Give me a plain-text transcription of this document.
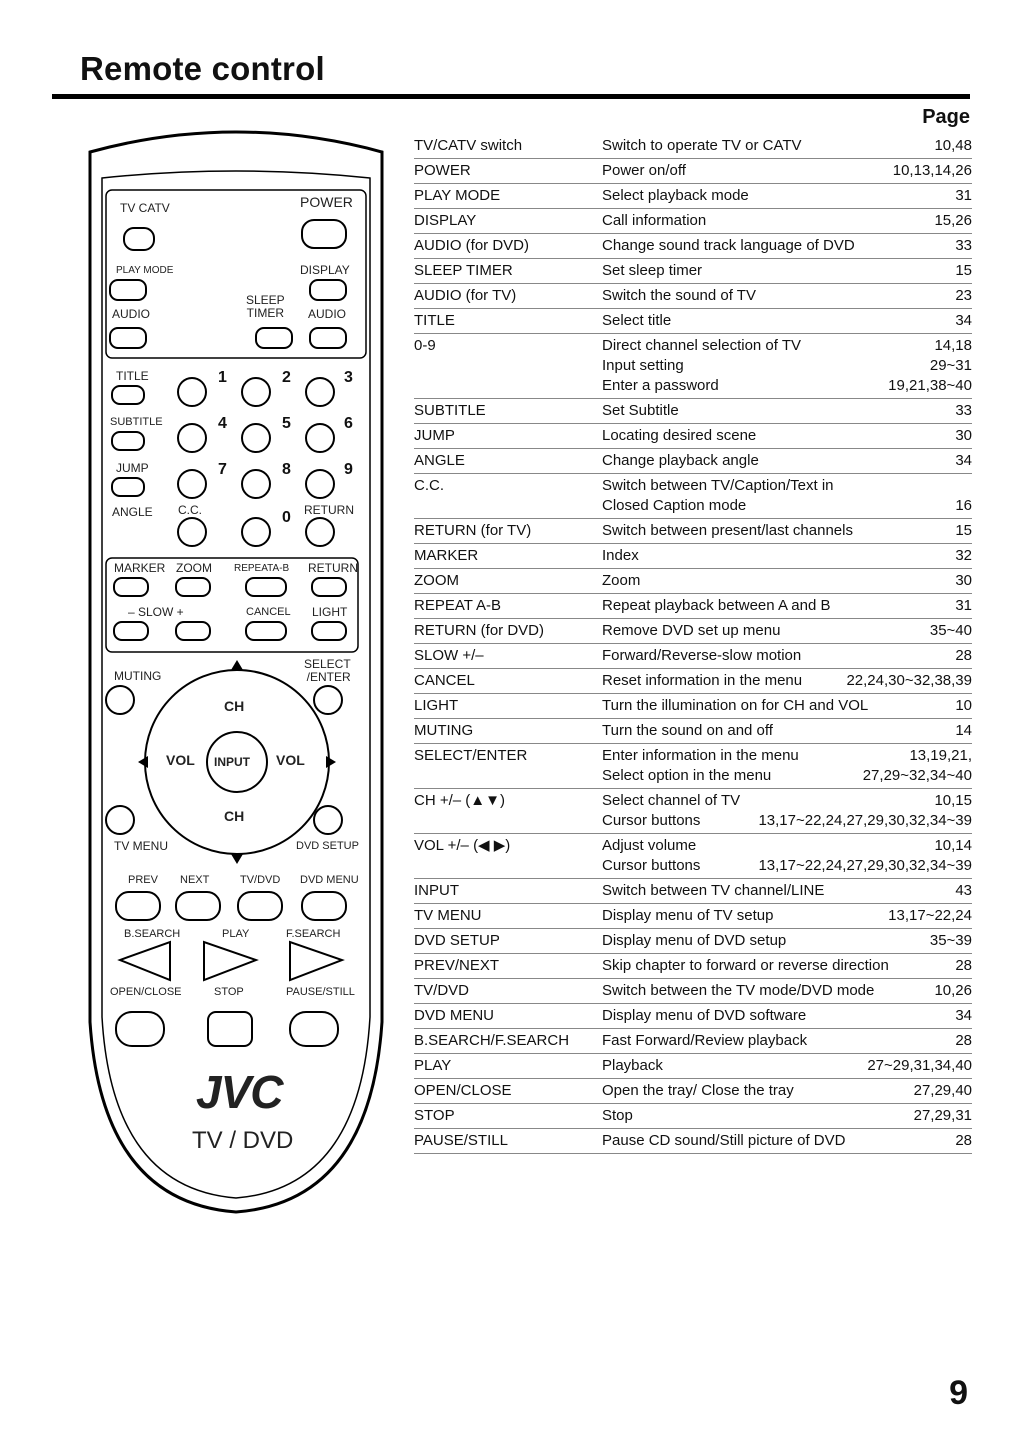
Remote control
Page
TV CATV	POWER
PLAY MODE	DISPLAY
SLEEP
TIMER
AUDIO	AUDIO
TITLE
SUBTITLE
JUMP
ANGLE C.C.	RETURN
1	2	3
4	5	6
7	8	9
0
MARKER ZOOM REPEATA-B RETURN
– SLOW +	CANCEL LIGHT
MUTING
SELECT
/ENTER
CH
CH
VOL	VOL
INPUT
TV MENU	DVD SETUP
PREV NEXT	TV/DVD DVD MENU
B.SEARCH	PLAY	F.SEARCH
OPEN/CLOSE	STOP	PAUSE/STILL
JVC
TV / DVD
TV/CATV switch	Switch to operate TV or CATV	10,48
POWER	Power on/off	10,13,14,26
PLAY MODE	Select playback mode	31
DISPLAY	Call information	15,26
AUDIO (for DVD)	Change sound track language of DVD	33
SLEEP TIMER	Set sleep timer	15
AUDIO (for TV)	Switch the sound of TV	23
TITLE	Select title	34
0-9	Direct channel selection of TV	14,18
Input setting	29~31
Enter a password	19,21,38~40
SUBTITLE	Set Subtitle	33
JUMP	Locating desired scene	30
ANGLE	Change playback angle	34
C.C.	Switch between TV/Caption/Text in
Closed Caption mode	16
RETURN (for TV)	Switch between present/last channels	15
MARKER	Index	32
ZOOM	Zoom	30
REPEAT A-B	Repeat playback between A and B	31
RETURN (for DVD)	Remove DVD set up menu	35~40
SLOW +/–	Forward/Reverse-slow motion	28
CANCEL	Reset information in the menu	22,24,30~32,38,39
LIGHT	Turn the illumination on for CH and VOL	10
MUTING	Turn the sound on and off	14
SELECT/ENTER	Enter information in the menu	13,19,21,
Select option in the menu	27,29~32,34~40
CH +/– (▲▼)	Select channel of TV	10,15
Cursor buttons	13,17~22,24,27,29,30,32,34~39
VOL +/– (◀ ▶)	Adjust volume	10,14
Cursor buttons	13,17~22,24,27,29,30,32,34~39
INPUT	Switch between TV channel/LINE	43
TV MENU	Display menu of TV setup	13,17~22,24
DVD SETUP	Display menu of DVD setup	35~39
PREV/NEXT	Skip chapter to forward or reverse direction	28
TV/DVD	Switch between the TV mode/DVD mode	10,26
DVD MENU	Display menu of DVD software	34
B.SEARCH/F.SEARCH	Fast Forward/Review playback	28
PLAY	Playback	27~29,31,34,40
OPEN/CLOSE	Open the tray/ Close the tray	27,29,40
STOP	Stop	27,29,31
PAUSE/STILL	Pause CD sound/Still picture of DVD	28
9
